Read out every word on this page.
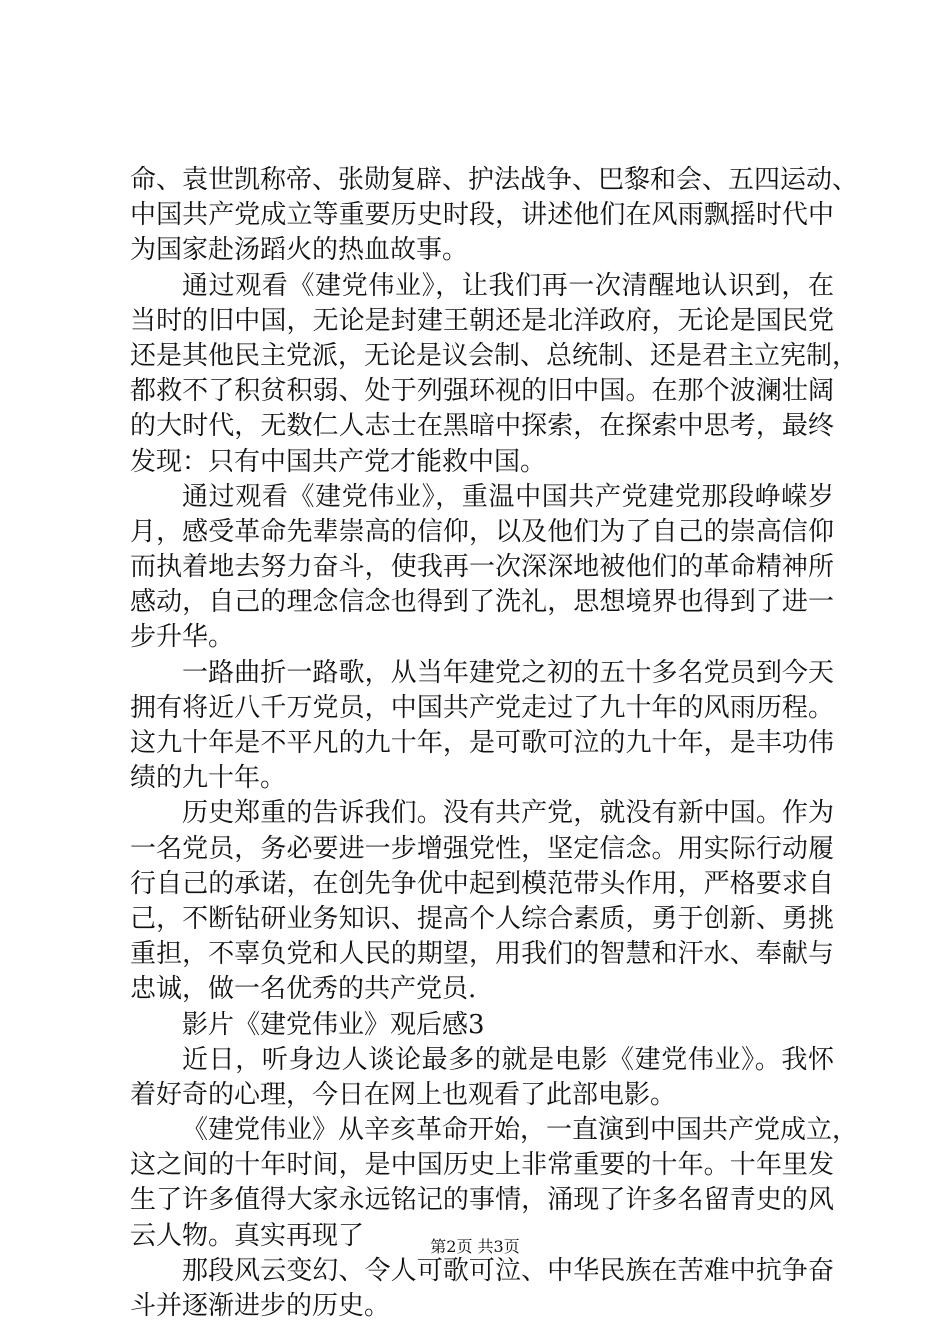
命、袁世凯称帝、张勋复辟、护法战争、巴黎和会、五四运动、
中国共产党成立等重要历史时段，讲述他们在风雨飘摇时代中
为国家赴汤蹈火的热血故事。
通过观看《建党伟业》，让我们再一次清醒地认识到，在
当时的旧中国，无论是封建王朝还是北洋政府，无论是国民党
还是其他民主党派，无论是议会制、总统制、还是君主立宪制，
都救不了积贫积弱、处于列强环视的旧中国。在那个波澜壮阔
的大时代，无数仁人志士在黑暗中探索，在探索中思考，最终
发现：只有中国共产党才能救中国。
通过观看《建党伟业》，重温中国共产党建党那段峥嵘岁
月，感受革命先辈崇高的信仰，以及他们为了自己的崇高信仰
而执着地去努力奋斗，使我再一次深深地被他们的革命精神所
感动，自己的理念信念也得到了洗礼，思想境界也得到了进一
步升华。
一路曲折一路歌，从当年建党之初的五十多名党员到今天
拥有将近八千万党员，中国共产党走过了九十年的风雨历程。
这九十年是不平凡的九十年，是可歌可泣的九十年，是丰功伟
绩的九十年。
历史郑重的告诉我们。没有共产党，就没有新中国。作为
一名党员，务必要进一步增强党性，坚定信念。用实际行动履
行自己的承诺，在创先争优中起到模范带头作用，严格要求自
己，不断钻研业务知识、提高个人综合素质，勇于创新、勇挑
重担，不辜负党和人民的期望，用我们的智慧和汗水、奉献与
忠诚，做一名优秀的共产党员.
影片《建党伟业》观后感3
近日，听身边人谈论最多的就是电影《建党伟业》。我怀
着好奇的心理，今日在网上也观看了此部电影。
《建党伟业》从辛亥革命开始，一直演到中国共产党成立，
这之间的十年时间，是中国历史上非常重要的十年。十年里发
生了许多值得大家永远铭记的事情，涌现了许多名留青史的风
云人物。真实再现了
那段风云变幻、令人可歌可泣、中华民族在苦难中抗争奋
斗并逐渐进步的历史。
第2页 共3页
